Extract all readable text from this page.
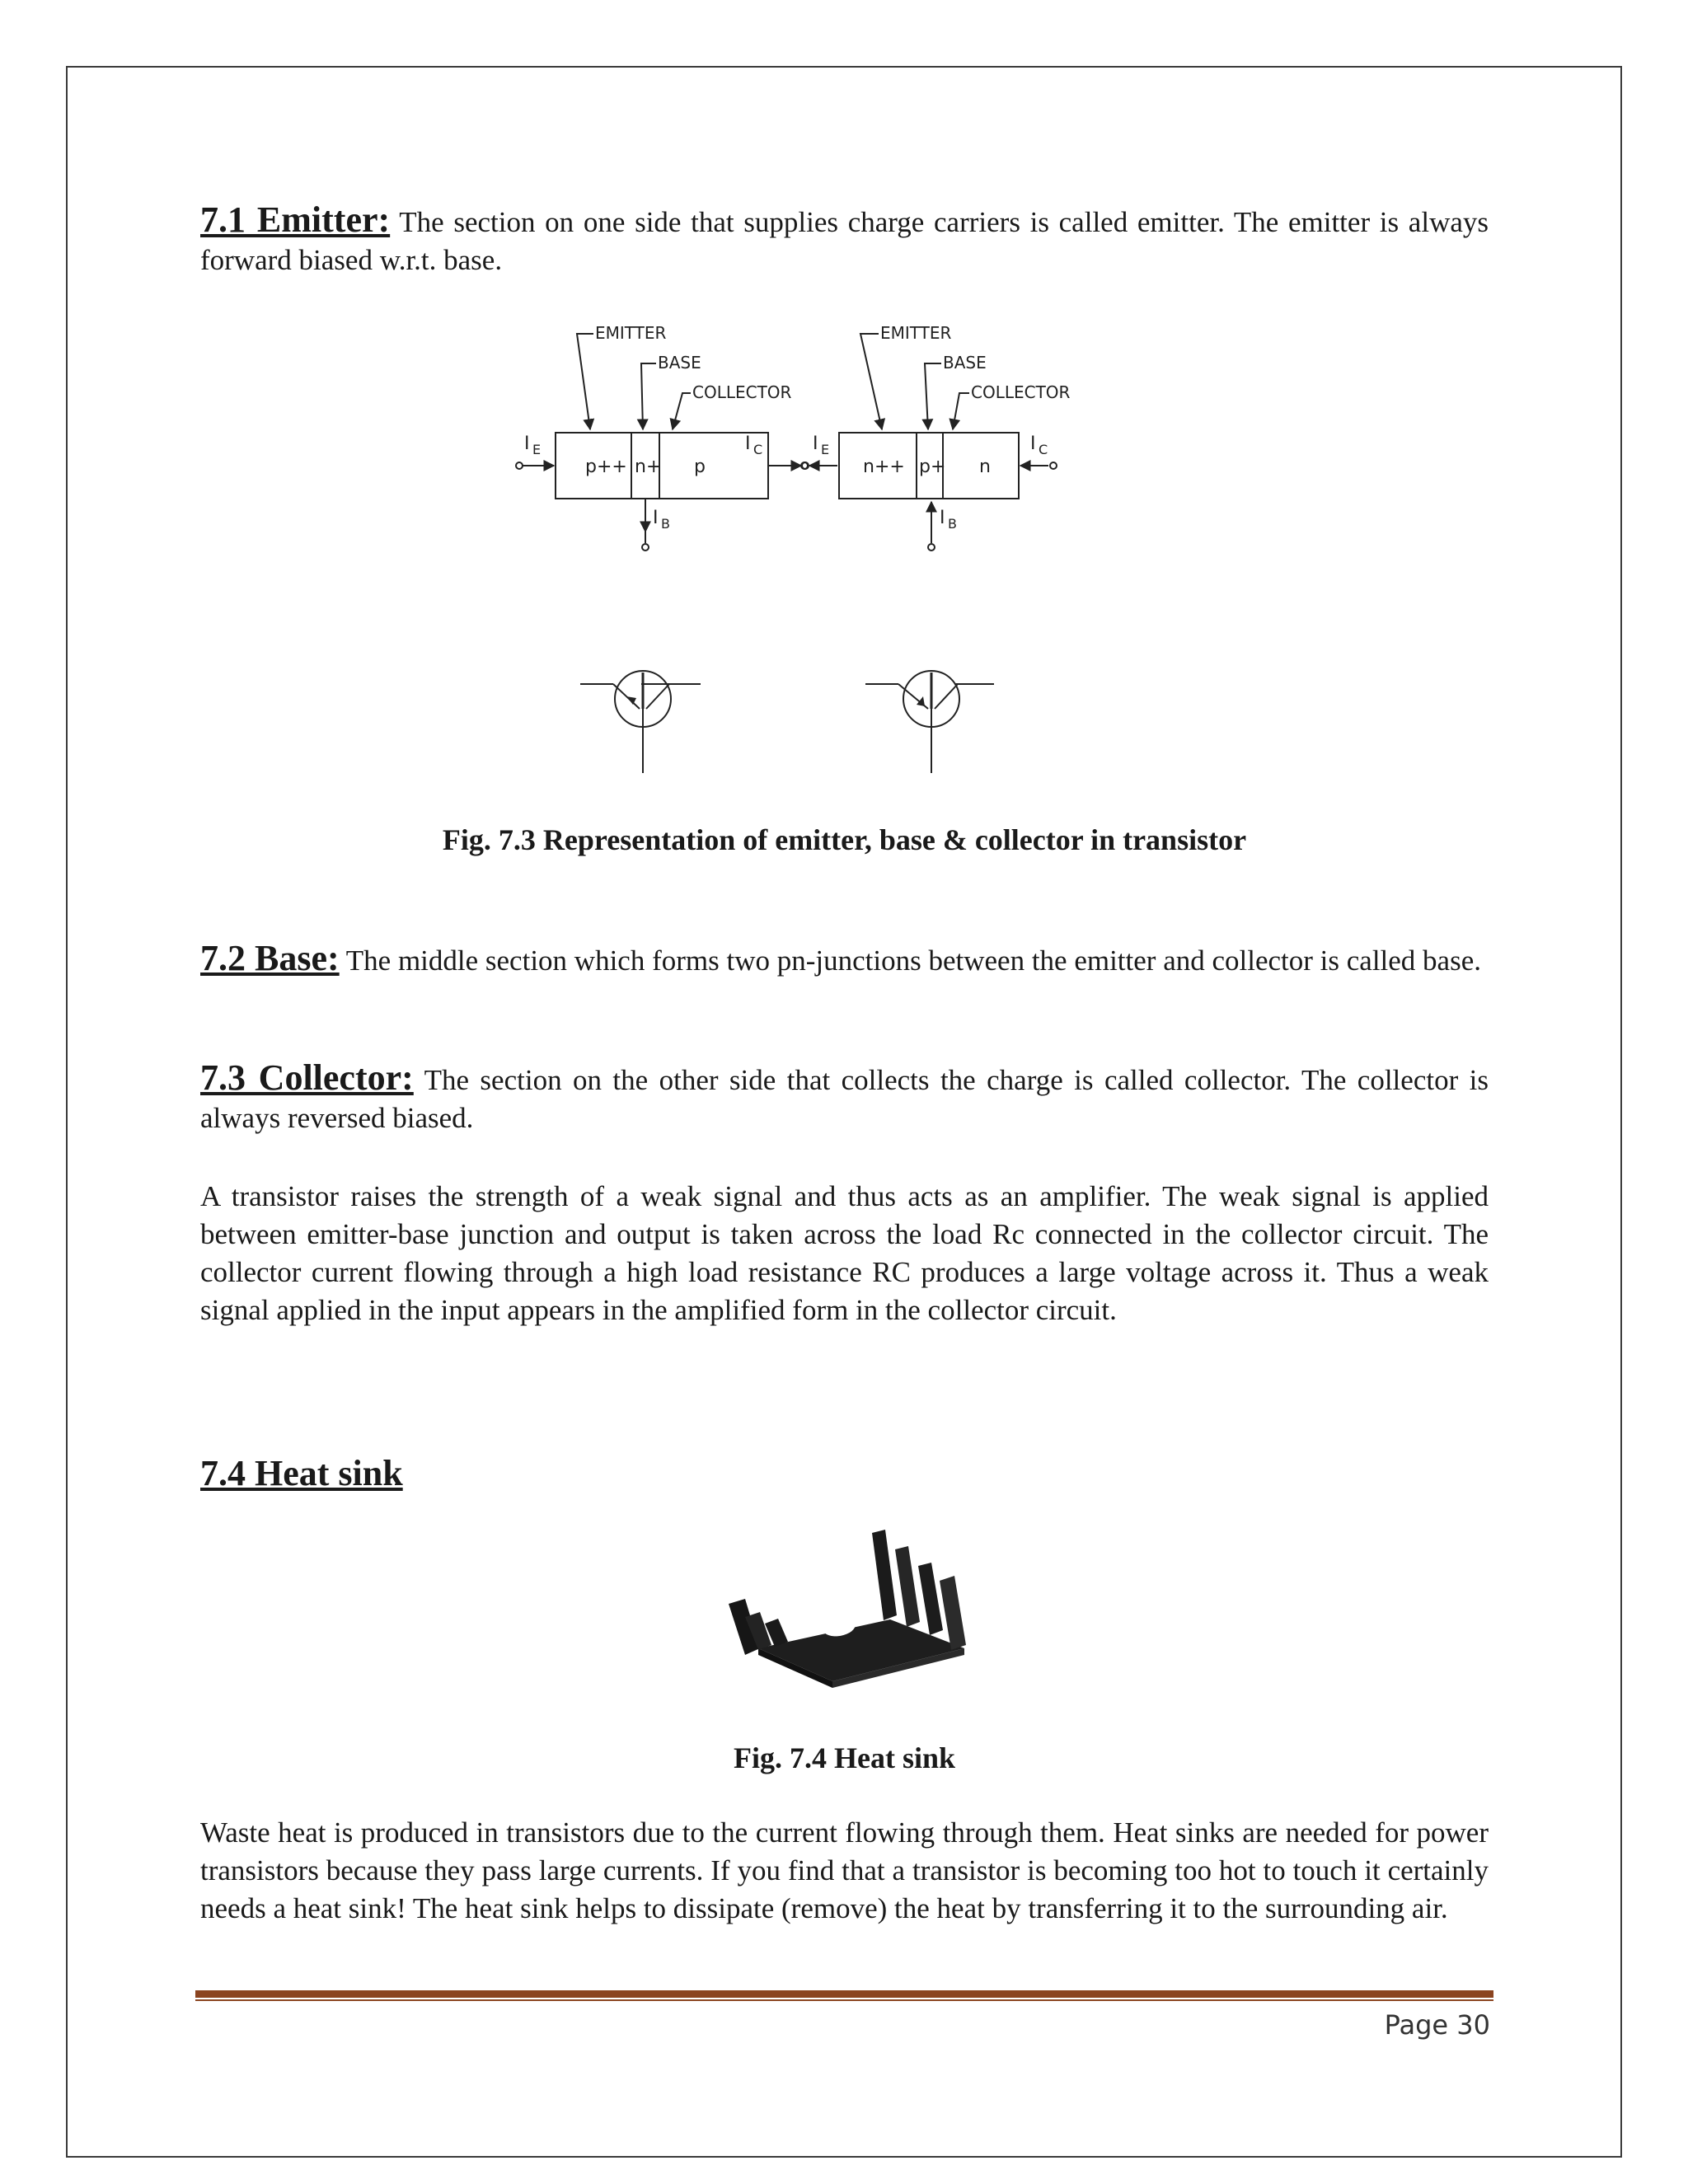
7.1 Emitter: The section on one side that supplies charge carriers is called emitter. The emitter is always forward biased w.r.t. base.

EMITTER
BASE
COLLECTOR
p++ n+ p
I E	I C
I B
EMITTER
BASE
COLLECTOR
n++ p+ n
I E	I C
I B

Fig. 7.3 Representation of emitter, base & collector in transistor

7.2 Base: The middle section which forms two pn-junctions between the emitter and collector is called base.

7.3 Collector: The section on the other side that collects the charge is called collector. The collector is always reversed biased.

A transistor raises the strength of a weak signal and thus acts as an amplifier. The weak signal is applied between emitter-base junction and output is taken across the load Rc connected in the collector circuit. The collector current flowing through a high load resistance RC produces a large voltage across it. Thus a weak signal applied in the input appears in the amplified form in the collector circuit.

7.4 Heat sink

Fig. 7.4 Heat sink

Waste heat is produced in transistors due to the current flowing through them. Heat sinks are needed for power transistors because they pass large currents. If you find that a transistor is becoming too hot to touch it certainly needs a heat sink! The heat sink helps to dissipate (remove) the heat by transferring it to the surrounding air.

Page 30
